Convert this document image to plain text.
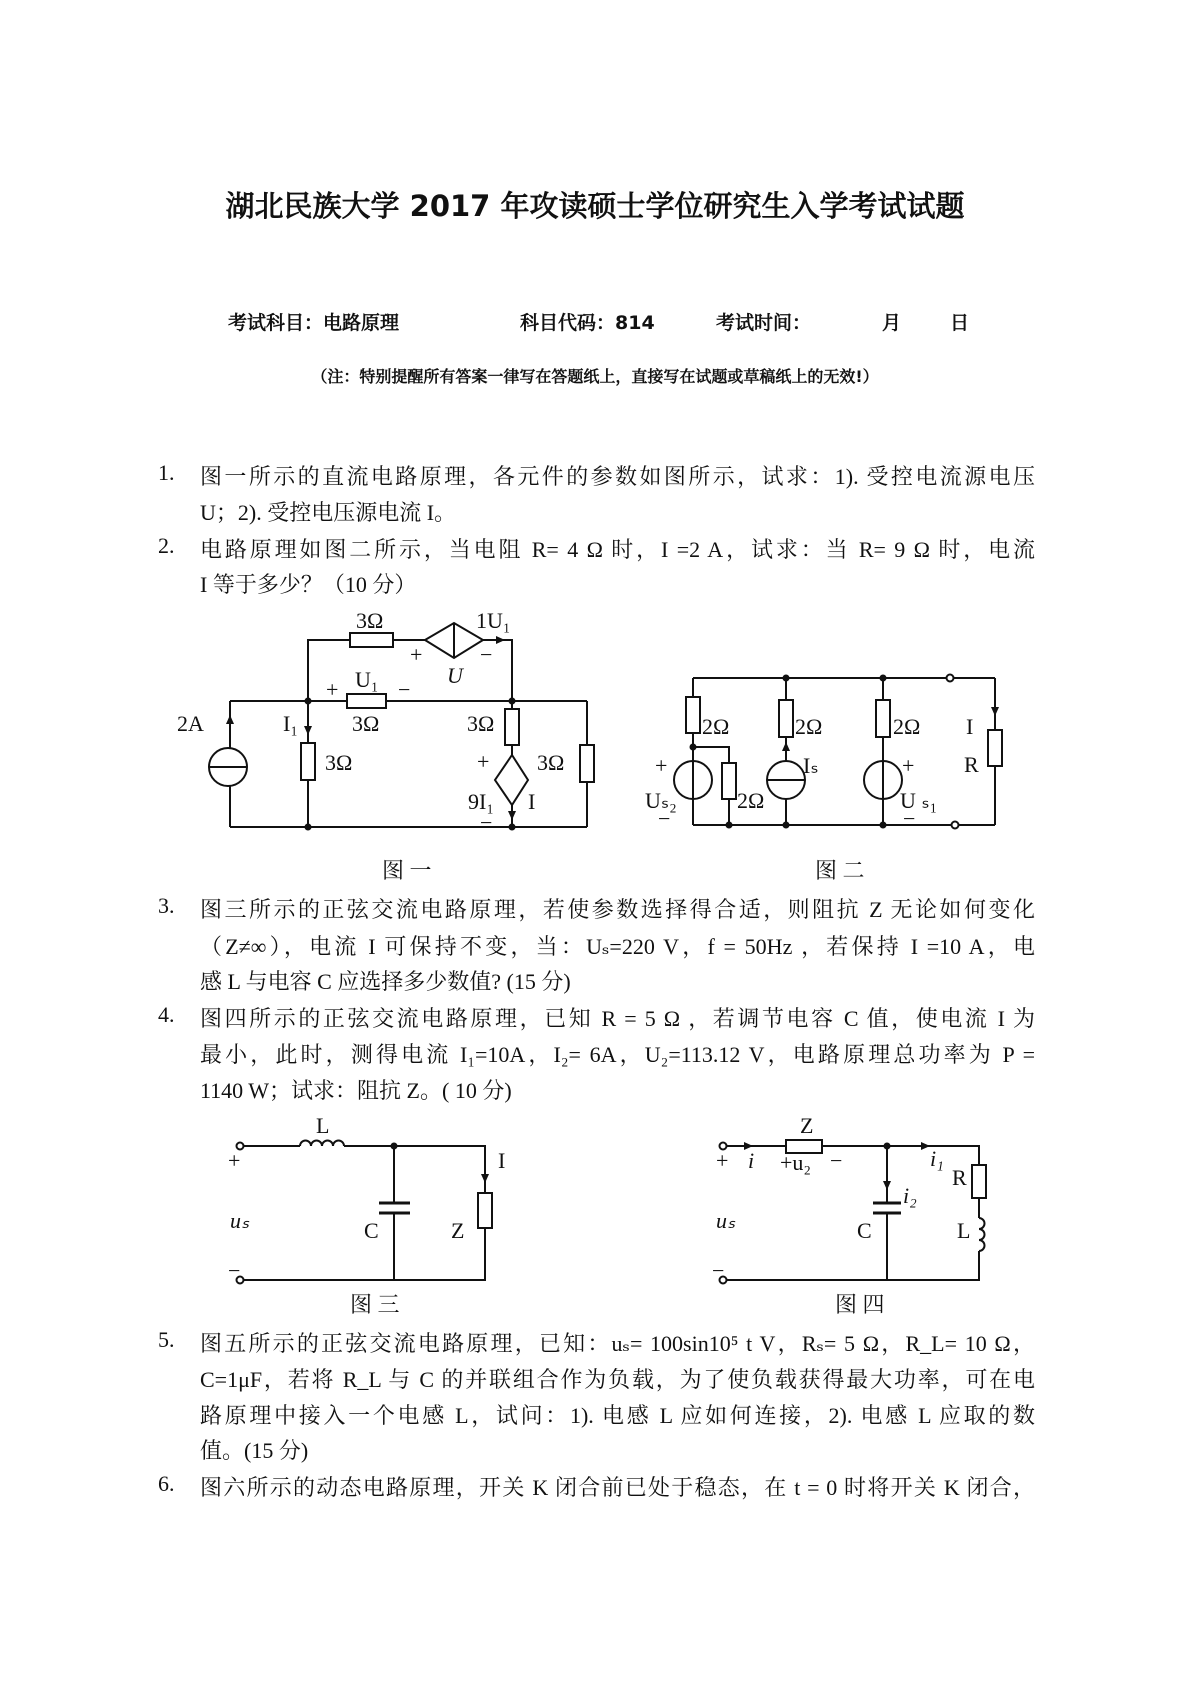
湖北民族大学 2017 年攻读硕士学位研究生入学考试试题
考试科目：电路原理	科目代码：814	考试时间：	月	日
（注：特别提醒所有答案一律写在答题纸上，直接写在试题或草稿纸上的无效!）
1. 图一所示的直流电路原理，各元件的参数如图所示，试求：1). 受控电流源电压
U；2). 受控电压源电流 I。
2. 电路原理如图二所示，当电阻 R= 4 Ω 时，I =2 A，试求：当 R= 9 Ω 时，电流
I 等于多少？（10 分）
3. 图三所示的正弦交流电路原理，若使参数选择得合适，则阻抗 Z 无论如何变化
（Z≠∞），电流 I 可保持不变，当：Uₛ=220 V，f = 50Hz ，若保持 I =10 A，电
感 L 与电容 C 应选择多少数值? (15 分)
4. 图四所示的正弦交流电路原理，已知 R = 5 Ω ，若调节电容 C 值，使电流 I 为
最小，此时，测得电流 I₁=10A，I₂= 6A，U₂=113.12 V，电路原理总功率为 P =
1140 W；试求：阻抗 Z。( 10 分)
5. 图五所示的正弦交流电路原理，已知：uₛ= 100sin10⁵ t V，Rₛ= 5 Ω，R_L= 10 Ω，
C=1μF，若将 R_L 与 C 的并联组合作为负载，为了使负载获得最大功率，可在电
路原理中接入一个电感 L，试问：1). 电感 L 应如何连接，2). 电感 L 应取的数
值。(15 分)
6. 图六所示的动态电路原理，开关 K 闭合前已处于稳态，在 t = 0 时将开关 K 闭合，
3Ω	1U₁
+	−
U
U₁
+	−
3Ω
2A	I₁
3Ω
3Ω
3Ω
+
9I₁ I
−
图 一
2Ω
2Ω
2Ω	2Ω
+
Uₛ₂
−
Iₛ	+
U ₛ₁
−
I
R
图 二
L
I
+
uₛ
−
C	Z
图 三
Z
+ i +u₂ −	i₁
R
i₂
uₛ
−
C	L
图 四
